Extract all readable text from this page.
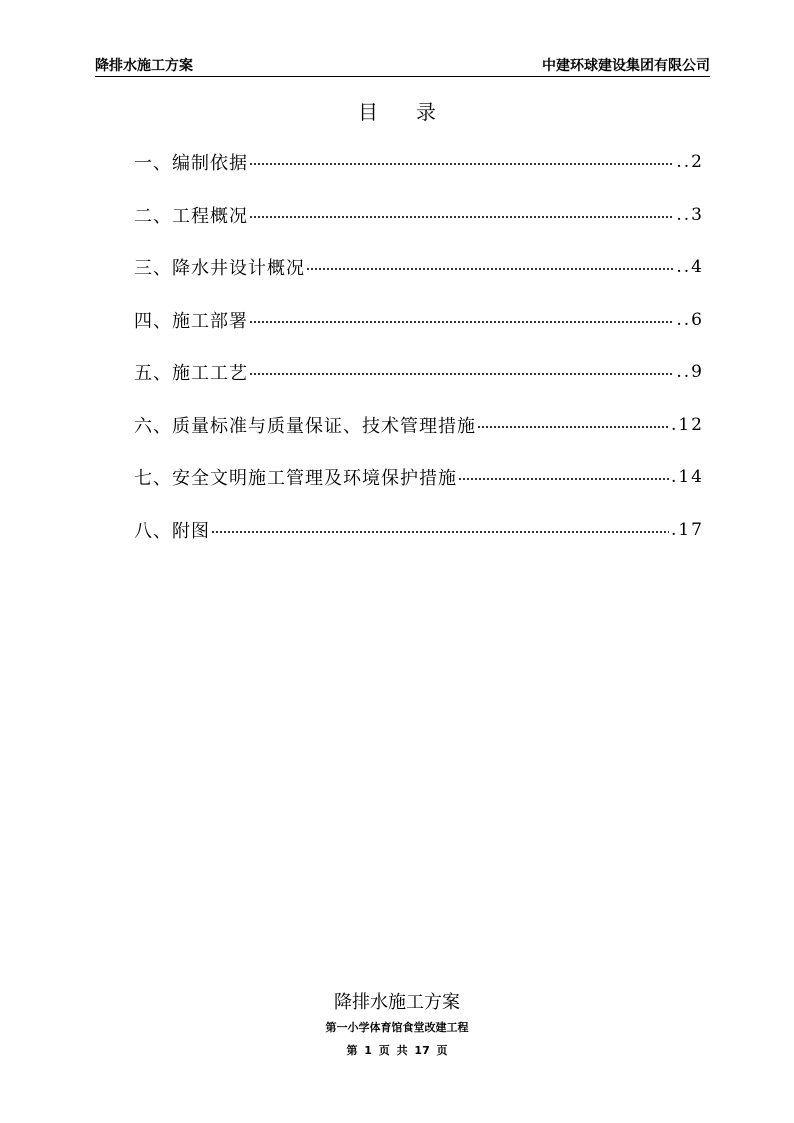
降排水施工方案	中建环球建设集团有限公司
目录
一、编制依据	..2
二、工程概况	..3
三、降水井设计概况	..4
四、施工部署	..6
五、施工工艺	..9
六、质量标准与质量保证、技术管理措施	.12
七、安全文明施工管理及环境保护措施	.14
八、附图	.17
降排水施工方案
第一小学体育馆食堂改建工程
第 1 页 共 17 页
